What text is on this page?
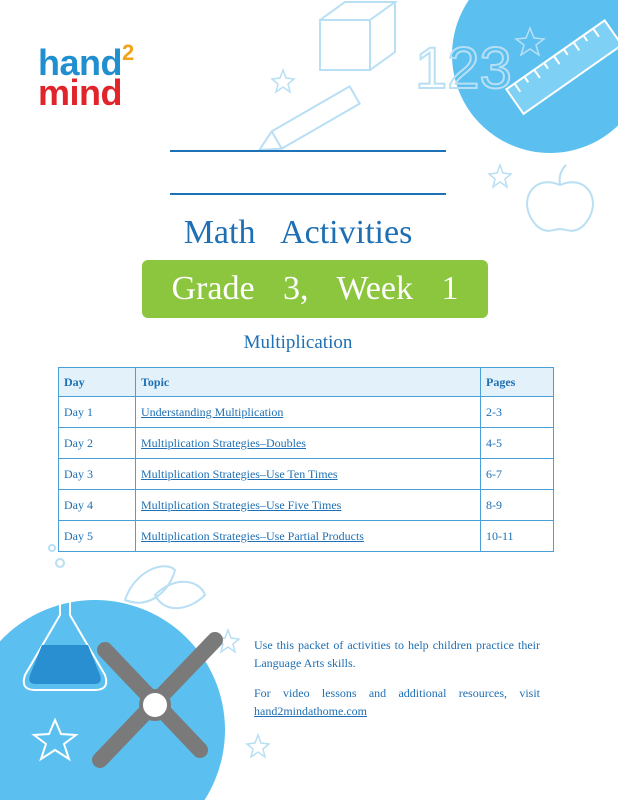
123
hand 2
mind
Math Activities
Grade 3, Week 1
Multiplication
Day	Topic	Pages
Day 1	Understanding Multiplication	2-3
Day 2	Multiplication Strategies–Doubles	4-5
Day 3	Multiplication Strategies–Use Ten Times	6-7
Day 4	Multiplication Strategies–Use Five Times	8-9
Day 5	Multiplication Strategies–Use Partial Products	10-11

Use this packet of activities to help children practice their Language Arts skills.

For video lessons and additional resources, visit hand2mindathome.com
